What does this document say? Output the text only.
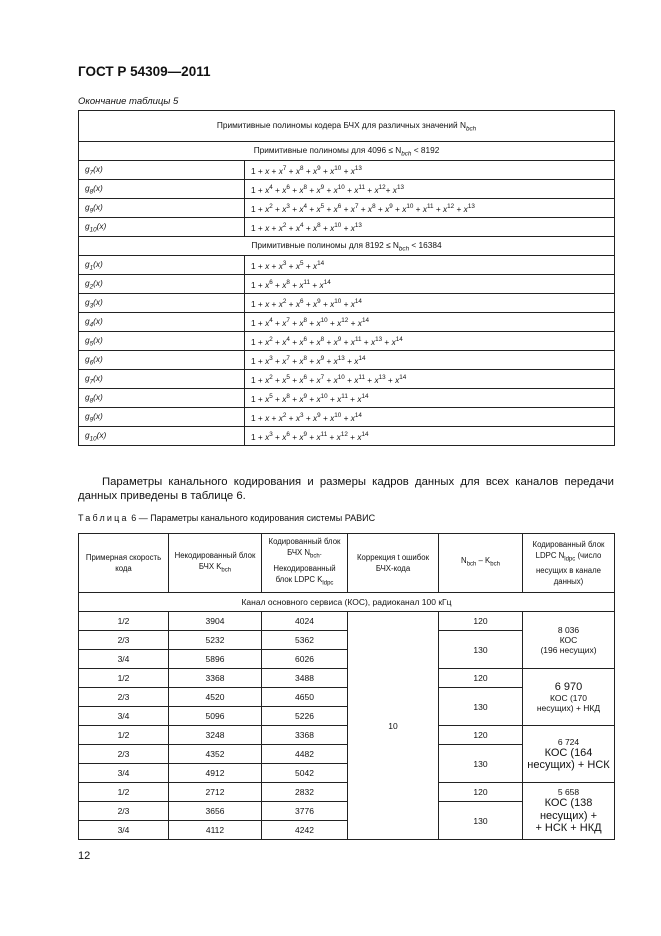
ГОСТ Р 54309—2011
Окончание таблицы 5
Примитивные полиномы кодера БЧХ для различных значений $N_{bch}$
Примитивные полиномы для $4096 \le N_{bch} < 8192$	
$g_7(x)$	$1 + x + x^7 + x^8 + x^9 + x^{10} + x^{13}$
$g_8(x)$	$1 + x^4 + x^6 + x^8 + x^9 + x^{10} + x^{11} + x^{12}+ x^{13}$
$g_9(x)$	$1 + x^2 + x^3 + x^4 + x^5 + x^6 + x^7 + x^8 + x^9 + x^{10} + x^{11} + x^{12} + x^{13}$
$g_{10}(x)$	$1 + x + x^2 + x^4 + x^8 + x^{10} + x^{13}$
Примитивные полиномы для $8192 \le N_{bch} < 16384$	
$g_1(x)$	$1 + x + x^3 + x^5 + x^{14}$
$g_2(x)$	$1 + x^6 + x^8 + x^{11} + x^{14}$
$g_3(x)$	$1 + x + x^2 + x^6 + x^9 + x^{10} + x^{14}$
$g_4(x)$	$1 + x^4 + x^7 + x^8 + x^{10} + x^{12} + x^{14}$
$g_5(x)$	$1 + x^2 + x^4 + x^6 + x^8 + x^9 + x^{11} + x^{13} + x^{14}$
$g_6(x)$	$1 + x^3 + x^7 + x^8 + x^9 + x^{13} + x^{14}$
$g_7(x)$	$1 + x^2 + x^5 + x^6 + x^7 + x^{10} + x^{11} + x^{13} + x^{14}$
$g_8(x)$	$1 + x^5 + x^8 + x^9 + x^{10} + x^{11} + x^{14}$
$g_9(x)$	$1 + x + x^2 + x^3 + x^9 + x^{10} + x^{14}$
$g_{10}(x)$	$1 + x^3 + x^6 + x^9 + x^{11} + x^{12} + x^{14}$
Параметры канального кодирования и размеры кадров данных для всех каналов передачи данных приведены в таблице 6.
Таблица 6 — Параметры канального кодирования системы РАВИС
Примерная скорость кода	Некодированный блок БЧХ $K_{bch}$	Кодированный блок БЧХ $N_{bch}$. Некодированный блок LDPC $K_{ldpc}$	Коррекция t ошибок БЧХ-кода	$N_{bch} - K_{bch}$	Кодированный блок LDPC $N_{ldpc}$ (число несущих в канале данных)
Канал основного сервиса (КОС), радиоканал 100 кГц					
1/2	3904	4024	10	120	8 036
КОС
(196 несущих)

2/3	5232	5362		130	
3/4	5896	6026			
1/2	3368	3488		120	6 970
КОС (170
несущих) + НКД

2/3	4520	4650		130	
3/4	5096	5226			
1/2	3248	3368		120	6 724
КОС (164
несущих) + НСК

2/3	4352	4482		130	
3/4	4912	5042			
1/2	2712	2832		120	5 658
КОС (138
несущих) +
+ НСК + НКД

2/3	3656	3776		130	
3/4	4112	4242			
12
